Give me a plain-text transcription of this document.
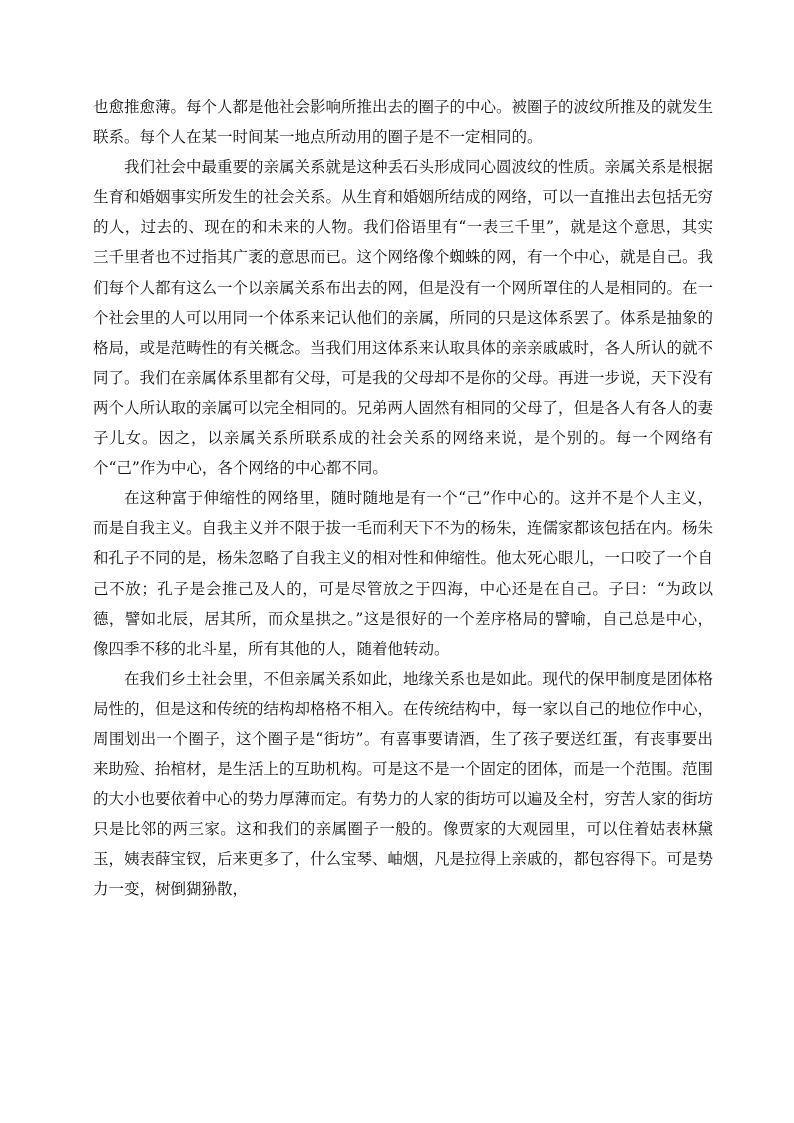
也愈推愈薄。每个人都是他社会影响所推出去的圈子的中心。被圈子的波纹所推及的就发生联系。每个人在某一时间某一地点所动用的圈子是不一定相同的。

我们社会中最重要的亲属关系就是这种丢石头形成同心圆波纹的性质。亲属关系是根据生育和婚姻事实所发生的社会关系。从生育和婚姻所结成的网络，可以一直推出去包括无穷的人，过去的、现在的和未来的人物。我们俗语里有“一表三千里”，就是这个意思，其实三千里者也不过指其广袤的意思而已。这个网络像个蜘蛛的网，有一个中心，就是自己。我们每个人都有这么一个以亲属关系布出去的网，但是没有一个网所罩住的人是相同的。在一个社会里的人可以用同一个体系来记认他们的亲属，所同的只是这体系罢了。体系是抽象的格局，或是范畴性的有关概念。当我们用这体系来认取具体的亲亲戚戚时，各人所认的就不同了。我们在亲属体系里都有父母，可是我的父母却不是你的父母。再进一步说，天下没有两个人所认取的亲属可以完全相同的。兄弟两人固然有相同的父母了，但是各人有各人的妻子儿女。因之，以亲属关系所联系成的社会关系的网络来说，是个别的。每一个网络有个“己”作为中心，各个网络的中心都不同。

在这种富于伸缩性的网络里，随时随地是有一个“己”作中心的。这并不是个人主义，而是自我主义。自我主义并不限于拔一毛而利天下不为的杨朱，连儒家都该包括在内。杨朱和孔子不同的是，杨朱忽略了自我主义的相对性和伸缩性。他太死心眼儿，一口咬了一个自己不放；孔子是会推己及人的，可是尽管放之于四海，中心还是在自己。子曰：“为政以德，譬如北辰，居其所，而众星拱之。”这是很好的一个差序格局的譬喻，自己总是中心，像四季不移的北斗星，所有其他的人，随着他转动。

在我们乡土社会里，不但亲属关系如此，地缘关系也是如此。现代的保甲制度是团体格局性的，但是这和传统的结构却格格不相入。在传统结构中，每一家以自己的地位作中心，周围划出一个圈子，这个圈子是“街坊”。有喜事要请酒，生了孩子要送红蛋，有丧事要出来助殓、抬棺材，是生活上的互助机构。可是这不是一个固定的团体，而是一个范围。范围的大小也要依着中心的势力厚薄而定。有势力的人家的街坊可以遍及全村，穷苦人家的街坊只是比邻的两三家。这和我们的亲属圈子一般的。像贾家的大观园里，可以住着姑表林黛玉，姨表薛宝钗，后来更多了，什么宝琴、岫烟，凡是拉得上亲戚的，都包容得下。可是势力一变，树倒猢狲散，
